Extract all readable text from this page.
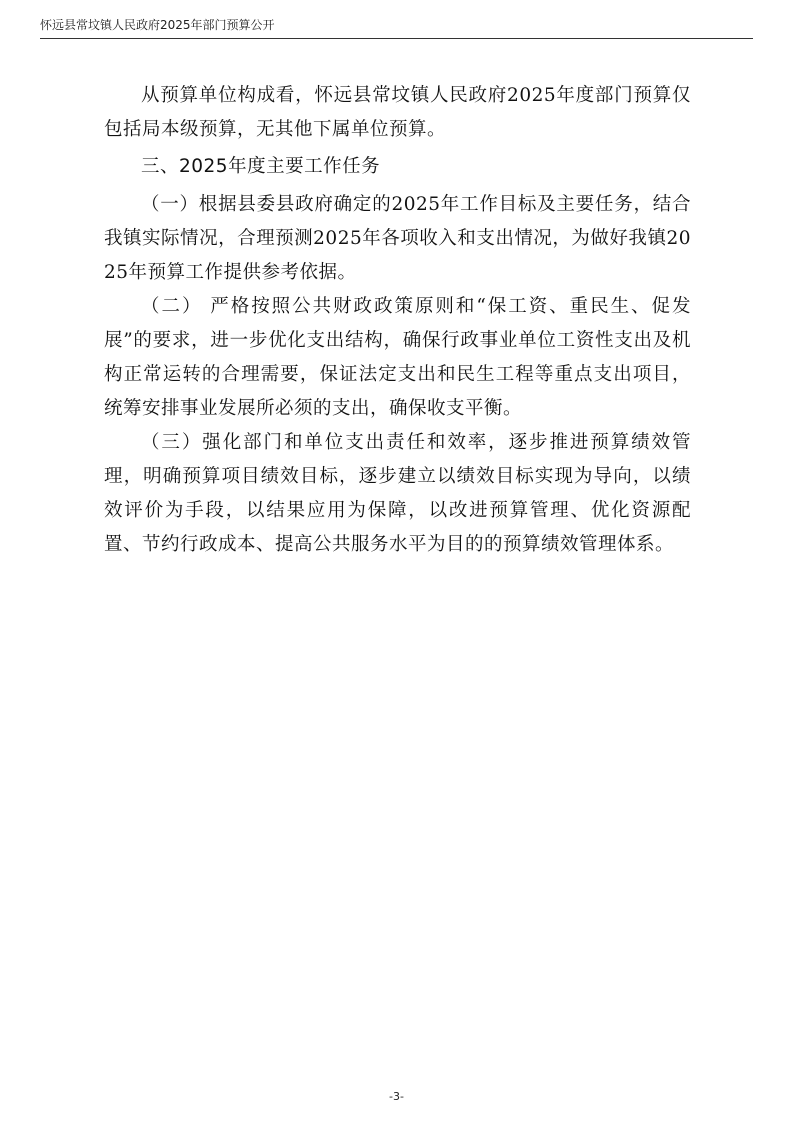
怀远县常坟镇人民政府2025年部门预算公开

从预算单位构成看，怀远县常坟镇人民政府2025年度部门预算仅包括局本级预算，无其他下属单位预算。

三、2025年度主要工作任务

（一）根据县委县政府确定的2025年工作目标及主要任务，结合我镇实际情况，合理预测2025年各项收入和支出情况，为做好我镇2025年预算工作提供参考依据。

（二） 严格按照公共财政政策原则和“保工资、重民生、促发展”的要求，进一步优化支出结构，确保行政事业单位工资性支出及机构正常运转的合理需要，保证法定支出和民生工程等重点支出项目，统筹安排事业发展所必须的支出，确保收支平衡。

（三）强化部门和单位支出责任和效率，逐步推进预算绩效管理，明确预算项目绩效目标，逐步建立以绩效目标实现为导向，以绩效评价为手段，以结果应用为保障，以改进预算管理、优化资源配置、节约行政成本、提高公共服务水平为目的的预算绩效管理体系。

-3-
